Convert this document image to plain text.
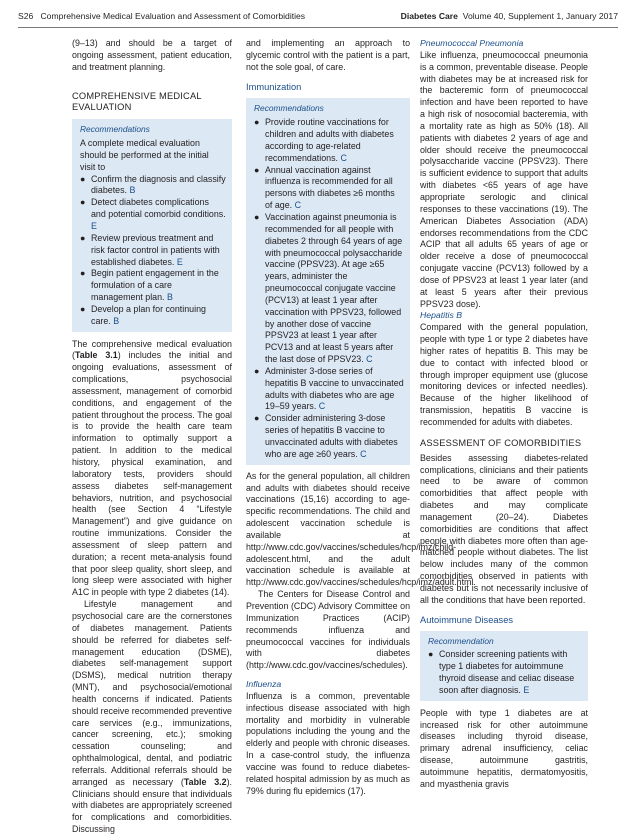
S26 Comprehensive Medical Evaluation and Assessment of Comorbidities	Diabetes Care Volume 40, Supplement 1, January 2017

(9–13) and should be a target of ongoing assessment, patient education, and treatment planning.

COMPREHENSIVE MEDICAL
EVALUATION
Recommendations

A complete medical evaluation should be performed at the initial visit to

● Confirm the diagnosis and classify diabetes. B
● Detect diabetes complications and potential comorbid conditions. E
● Review previous treatment and risk factor control in patients with established diabetes. E
● Begin patient engagement in the formulation of a care management plan. B
● Develop a plan for continuing care. B

The comprehensive medical evaluation (Table 3.1) includes the initial and ongoing evaluations, assessment of complications, psychosocial assessment, management of comorbid conditions, and engagement of the patient throughout the process. The goal is to provide the health care team information to optimally support a patient. In addition to the medical history, physical examination, and laboratory tests, providers should assess diabetes self-management behaviors, nutrition, and psychosocial health (see Section 4 “Lifestyle Management”) and give guidance on routine immunizations. Consider the assessment of sleep pattern and duration; a recent meta-analysis found that poor sleep quality, short sleep, and long sleep were associated with higher A1C in people with type 2 diabetes (14).

Lifestyle management and psychosocial care are the cornerstones of diabetes management. Patients should be referred for diabetes self-management education (DSME), diabetes self-management support (DSMS), medical nutrition therapy (MNT), and psychosocial/emotional health concerns if indicated. Patients should receive recommended preventive care services (e.g., immunizations, cancer screening, etc.); smoking cessation counseling; and ophthalmological, dental, and podiatric referrals. Additional referrals should be arranged as necessary (Table 3.2). Clinicians should ensure that individuals with diabetes are appropriately screened for complications and comorbidities. Discussing

and implementing an approach to glycemic control with the patient is a part, not the sole goal, of care.

Immunization
Recommendations
● Provide routine vaccinations for children and adults with diabetes according to age-related recommendations. C
● Annual vaccination against influenza is recommended for all persons with diabetes ≥6 months of age. C
● Vaccination against pneumonia is recommended for all people with diabetes 2 through 64 years of age with pneumococcal polysaccharide vaccine (PPSV23). At age ≥65 years, administer the pneumococcal conjugate vaccine (PCV13) at least 1 year after vaccination with PPSV23, followed by another dose of vaccine PPSV23 at least 1 year after PCV13 and at least 5 years after the last dose of PPSV23. C
● Administer 3-dose series of hepatitis B vaccine to unvaccinated adults with diabetes who are age 19–59 years. C
● Consider administering 3-dose series of hepatitis B vaccine to unvaccinated adults with diabetes who are age ≥60 years. C

As for the general population, all children and adults with diabetes should receive vaccinations (15,16) according to age-specific recommendations. The child and adolescent vaccination schedule is available at http://www.cdc.gov/vaccines/schedules/hcp/imz/child-adolescent.html, and the adult vaccination schedule is available at http://www.cdc.gov/vaccines/schedules/hcp/imz/adult.html.

The Centers for Disease Control and Prevention (CDC) Advisory Committee on Immunization Practices (ACIP) recommends influenza and pneumococcal vaccines for individuals with diabetes (http://www.cdc.gov/vaccines/schedules).

Influenza

Influenza is a common, preventable infectious disease associated with high mortality and morbidity in vulnerable populations including the young and the elderly and people with chronic diseases. In a case-control study, the influenza vaccine was found to reduce diabetes-related hospital admission by as much as 79% during flu epidemics (17).

Pneumococcal Pneumonia

Like influenza, pneumococcal pneumonia is a common, preventable disease. People with diabetes may be at increased risk for the bacteremic form of pneumococcal infection and have been reported to have a high risk of nosocomial bacteremia, with a mortality rate as high as 50% (18). All patients with diabetes 2 years of age and older should receive the pneumococcal polysaccharide vaccine (PPSV23). There is sufficient evidence to support that adults with diabetes <65 years of age have appropriate serologic and clinical responses to these vaccinations (19). The American Diabetes Association (ADA) endorses recommendations from the CDC ACIP that all adults 65 years of age or older receive a dose of pneumococcal conjugate vaccine (PCV13) followed by a dose of PPSV23 at least 1 year later (and at least 5 years after their previous PPSV23 dose).

Hepatitis B

Compared with the general population, people with type 1 or type 2 diabetes have higher rates of hepatitis B. This may be due to contact with infected blood or through improper equipment use (glucose monitoring devices or infected needles). Because of the higher likelihood of transmission, hepatitis B vaccine is recommended for adults with diabetes.

ASSESSMENT OF COMORBIDITIES

Besides assessing diabetes-related complications, clinicians and their patients need to be aware of common comorbidities that affect people with diabetes and may complicate management (20–24). Diabetes comorbidities are conditions that affect people with diabetes more often than age-matched people without diabetes. The list below includes many of the common comorbidities observed in patients with diabetes but is not necessarily inclusive of all the conditions that have been reported.

Autoimmune Diseases
Recommendation
● Consider screening patients with type 1 diabetes for autoimmune thyroid disease and celiac disease soon after diagnosis. E

People with type 1 diabetes are at increased risk for other autoimmune diseases including thyroid disease, primary adrenal insufficiency, celiac disease, autoimmune gastritis, autoimmune hepatitis, dermatomyositis, and myasthenia gravis
